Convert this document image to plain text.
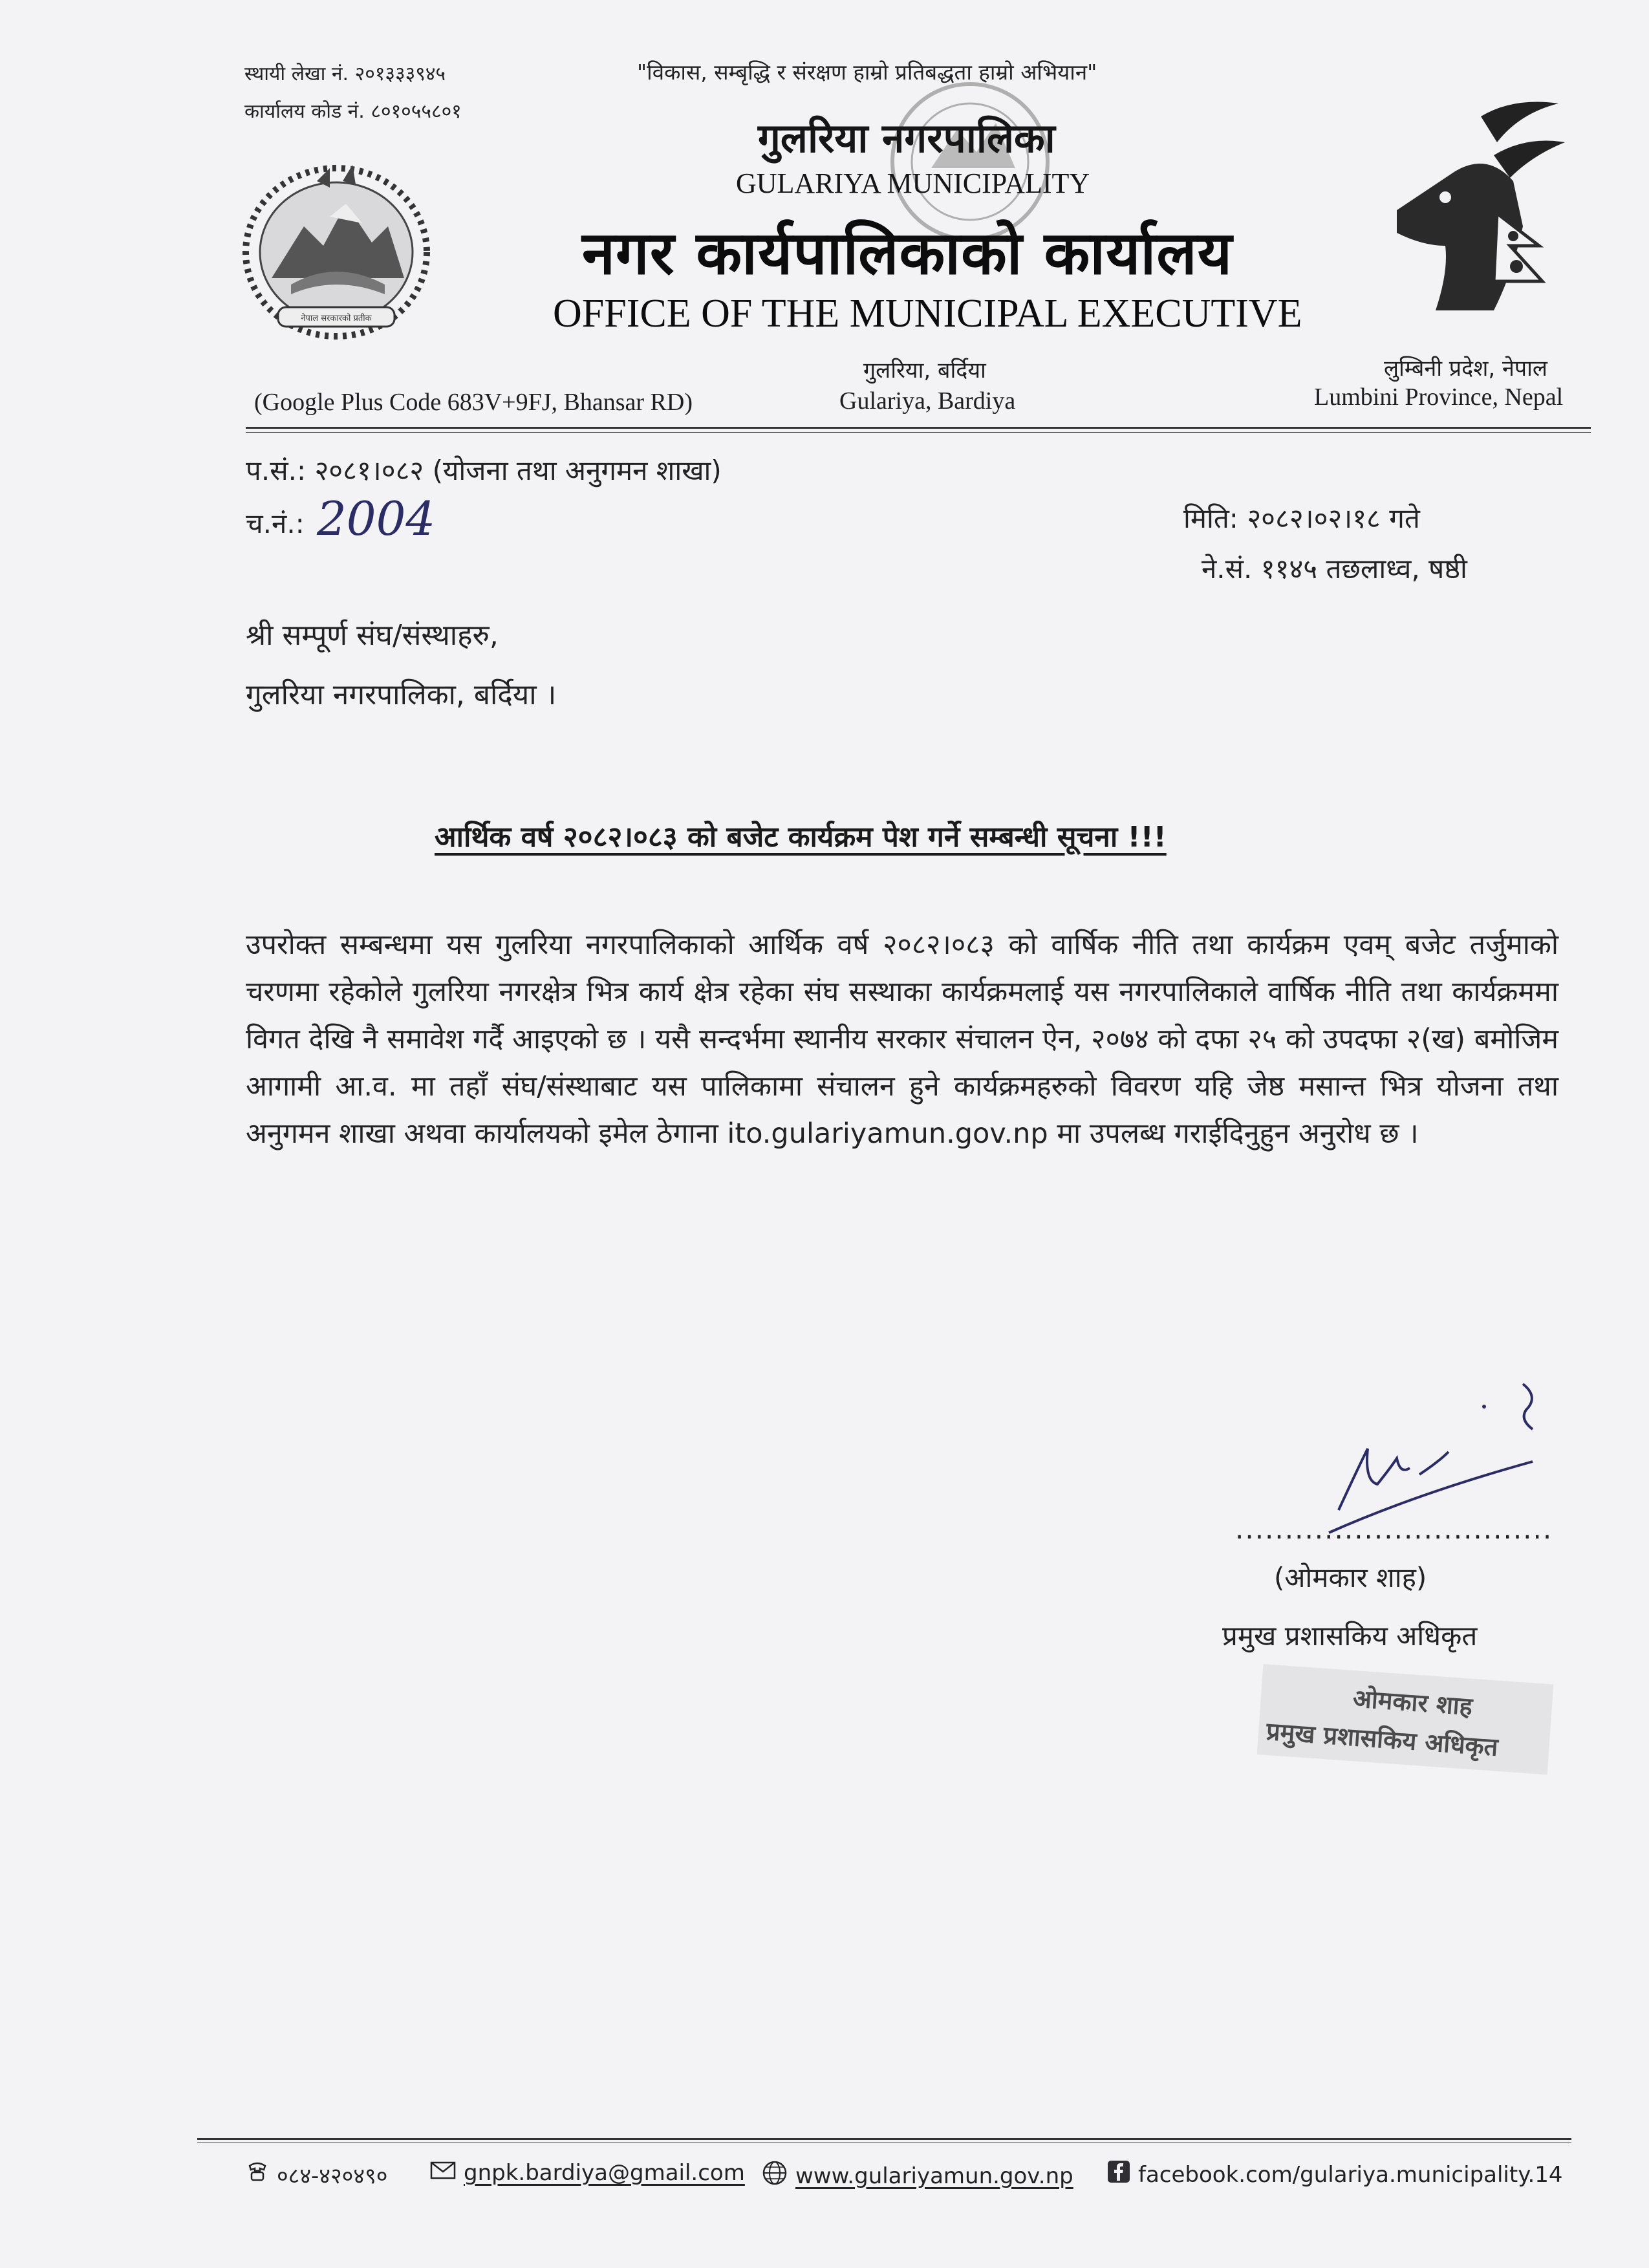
स्थायी लेखा नं. २०१३३३९४५
कार्यालय कोड नं. ८०१०५५८०१
"विकास, सम्बृद्धि र संरक्षण हाम्रो प्रतिबद्धता हाम्रो अभियान"
नेपाल सरकारको प्रतीक
गुलरिया नगरपालिका
GULARIYA MUNICIPALITY
नगर कार्यपालिकाको कार्यालय
OFFICE OF THE MUNICIPAL EXECUTIVE
गुलरिया, बर्दिया
Gulariya, Bardiya
(Google Plus Code 683V+9FJ, Bhansar RD)
लुम्बिनी प्रदेश, नेपाल
Lumbini Province, Nepal
प.सं.: २०८१।०८२ (योजना तथा अनुगमन शाखा)
च.नं.: 2004	मिति: २०८२।०२।१८ गते
ने.सं. ११४५ तछलाध्व, षष्ठी
श्री सम्पूर्ण संघ/संस्थाहरु,
गुलरिया नगरपालिका, बर्दिया ।
आर्थिक वर्ष २०८२।०८३ को बजेट कार्यक्रम पेश गर्ने सम्बन्धी सूचना !!!
उपरोक्त सम्बन्धमा यस गुलरिया नगरपालिकाको आर्थिक वर्ष २०८२।०८३ को वार्षिक नीति तथा कार्यक्रम एवम् बजेट तर्जुमाको चरणमा रहेकोले गुलरिया नगरक्षेत्र भित्र कार्य क्षेत्र रहेका संघ सस्थाका कार्यक्रमलाई यस नगरपालिकाले वार्षिक नीति तथा कार्यक्रममा विगत देखि नै समावेश गर्दै आइएको छ । यसै सन्दर्भमा स्थानीय सरकार संचालन ऐन, २०७४ को दफा २५ को उपदफा २(ख) बमोजिम आगामी आ.व. मा तहाँ संघ/संस्थाबाट यस पालिकामा संचालन हुने कार्यक्रमहरुको विवरण यहि जेष्ठ मसान्त भित्र योजना तथा अनुगमन शाखा अथवा कार्यालयको इमेल ठेगाना ito.gulariyamun.gov.np मा उपलब्ध गराईदिनुहुन अनुरोध छ ।
................................
(ओमकार शाह)
प्रमुख प्रशासकिय अधिकृत
ओमकार शाह
प्रमुख प्रशासकिय अधिकृत
०८४-४२०४९०	gnpk.bardiya@gmail.com www.gulariyamun.gov.np	facebook.com/gulariya.municipality.14
